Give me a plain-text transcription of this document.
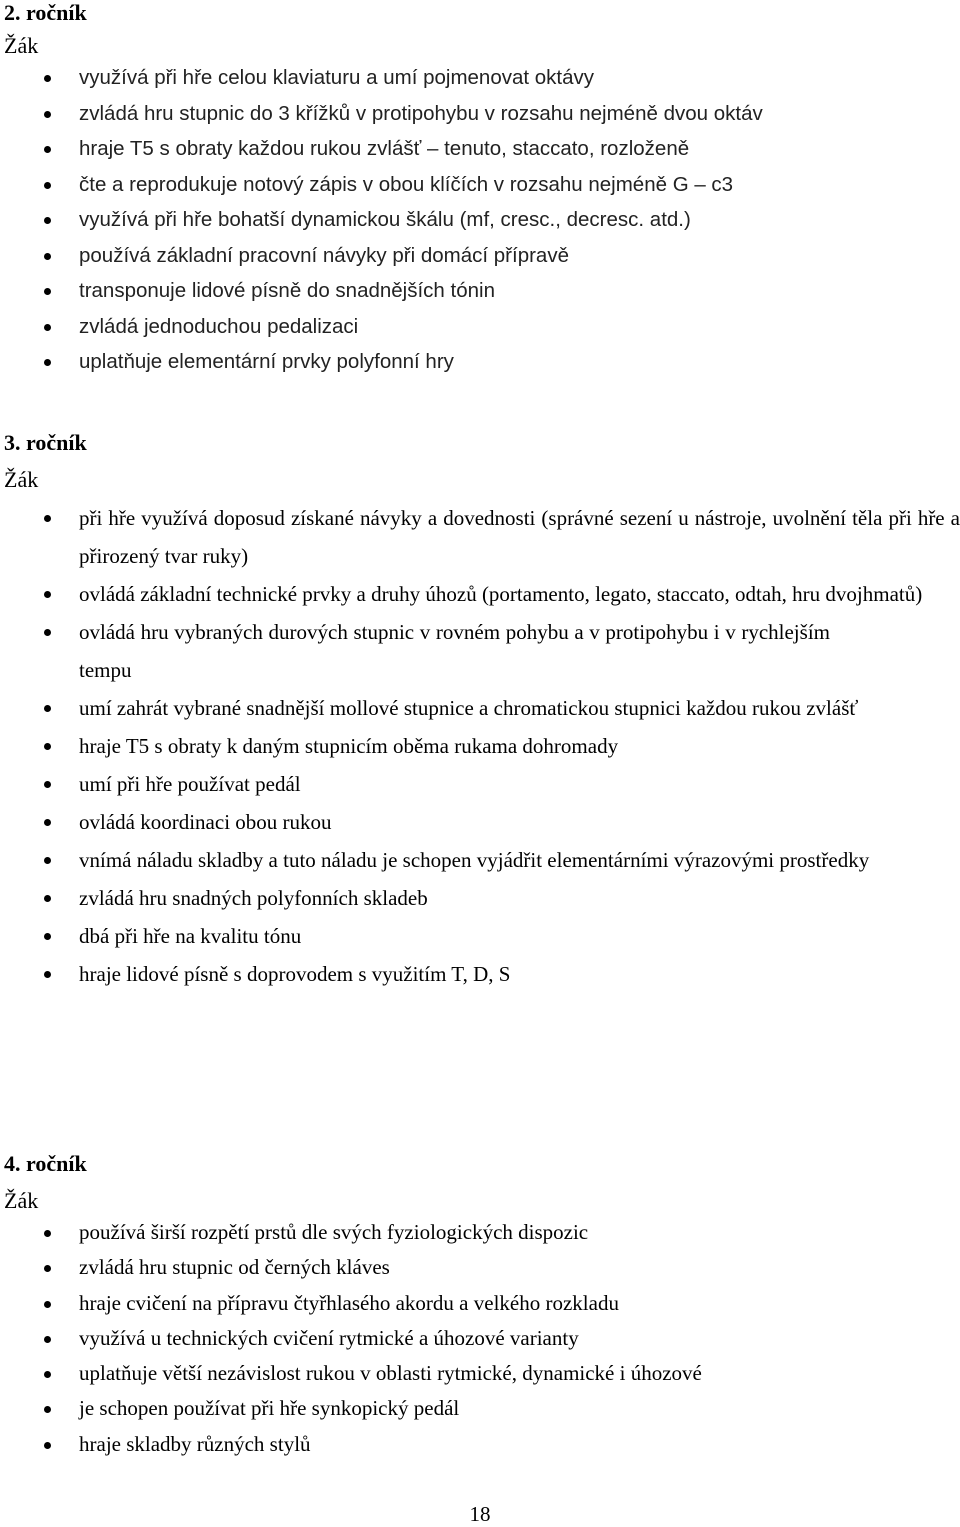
2. ročník
Žák
využívá při hře celou klaviaturu a umí pojmenovat oktávy
zvládá hru stupnic do 3 křížků v protipohybu v rozsahu nejméně dvou oktáv
hraje T5 s obraty každou rukou zvlášť – tenuto, staccato, rozloženě
čte a reprodukuje notový zápis v obou klíčích v rozsahu nejméně G – c3
využívá při hře bohatší dynamickou škálu (mf, cresc., decresc. atd.)
používá základní pracovní návyky při domácí přípravě
transponuje lidové písně do snadnějších tónin
zvládá jednoduchou pedalizaci
uplatňuje elementární prvky polyfonní hry
3. ročník
Žák
při hře využívá doposud získané návyky a dovednosti (správné sezení u nástroje, uvolnění těla při hře a přirozený tvar ruky)
ovládá základní technické prvky a druhy úhozů (portamento, legato, staccato, odtah, hru dvojhmatů)
ovládá hru vybraných durových stupnic v rovném pohybu a v protipohybu i v rychlejším tempu
umí zahrát vybrané snadnější mollové stupnice a chromatickou stupnici každou rukou zvlášť
hraje T5 s obraty k daným stupnicím oběma rukama dohromady
umí při hře používat pedál
ovládá koordinaci obou rukou
vnímá náladu skladby a tuto náladu je schopen vyjádřit elementárními výrazovými prostředky
zvládá hru snadných polyfonních skladeb
dbá při hře na kvalitu tónu
hraje lidové písně s doprovodem s využitím T, D, S
4. ročník
Žák
používá širší rozpětí prstů dle svých fyziologických dispozic
zvládá hru stupnic od černých kláves
hraje cvičení na přípravu čtyřhlasého akordu a velkého rozkladu
využívá u technických cvičení rytmické a úhozové varianty
uplatňuje větší nezávislost rukou v oblasti rytmické, dynamické i úhozové
je schopen používat při hře synkopický pedál
hraje skladby různých stylů
18
